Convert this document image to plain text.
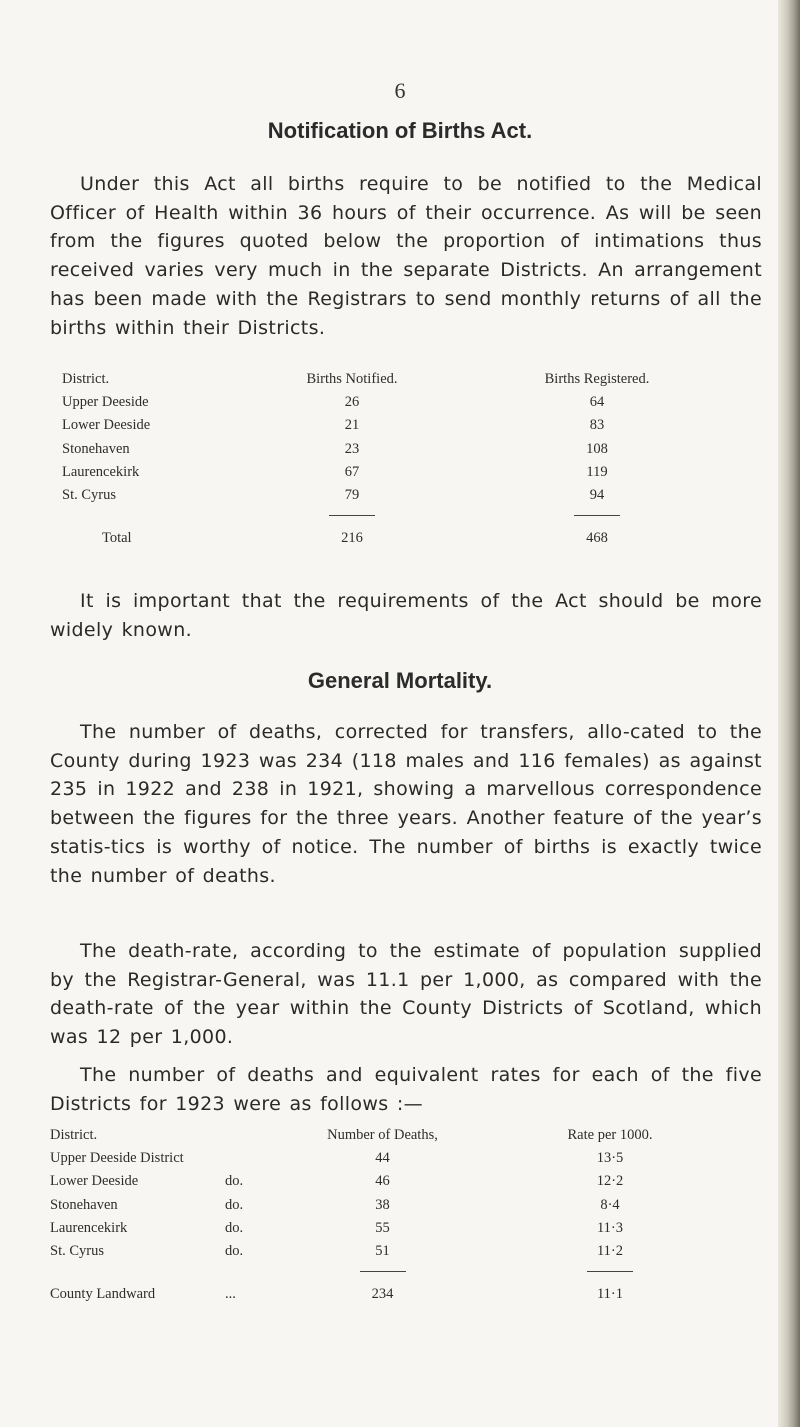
6
Notification of Births Act.

Under this Act all births require to be notified to the Medical Officer of Health within 36 hours of their occurrence. As will be seen from the figures quoted below the proportion of intimations thus received varies very much in the separate Districts. An arrangement has been made with the Registrars to send monthly returns of all the births within their Districts.

District.	Births Notified.	Births Registered.
Upper Deeside	26	64
Lower Deeside	21	83
Stonehaven	23	108
Laurencekirk	67	119
St. Cyrus	79	94

Total	216	468

It is important that the requirements of the Act should be more widely known.

General Mortality.

The number of deaths, corrected for transfers, allo-cated to the County during 1923 was 234 (118 males and 116 females) as against 235 in 1922 and 238 in 1921, showing a marvellous correspondence between the figures for the three years. Another feature of the year’s statis-tics is worthy of notice. The number of births is exactly twice the number of deaths.

The death-rate, according to the estimate of population supplied by the Registrar-General, was 11.1 per 1,000, as compared with the death-rate of the year within the County Districts of Scotland, which was 12 per 1,000.

The number of deaths and equivalent rates for each of the five Districts for 1923 were as follows :—

District.		Number of Deaths,	Rate per 1000.
Upper Deeside District		44	13·5
Lower Deeside	do.	46	12·2
Stonehaven	do.	38	8·4
Laurencekirk	do.	55	11·3
St. Cyrus	do.	51	11·2

County Landward	...	234	11·1
